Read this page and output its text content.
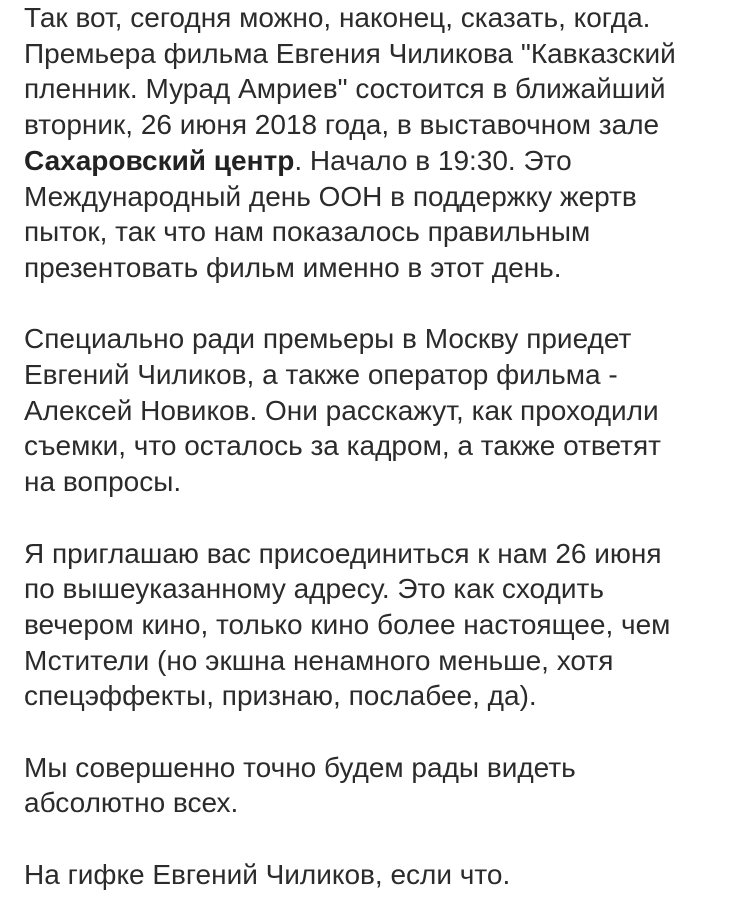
Так вот, сегодня можно, наконец, сказать, когда.
Премьера фильма Евгения Чиликова "Кавказский
пленник. Мурад Амриев" состоится в ближайший
вторник, 26 июня 2018 года, в выставочном зале
Сахаровский центр. Начало в 19:30. Это
Международный день ООН в поддержку жертв
пыток, так что нам показалось правильным
презентовать фильм именно в этот день.
Специально ради премьеры в Москву приедет
Евгений Чиликов, а также оператор фильма -
Алексей Новиков. Они расскажут, как проходили
съемки, что осталось за кадром, а также ответят
на вопросы.
Я приглашаю вас присоединиться к нам 26 июня
по вышеуказанному адресу. Это как сходить
вечером кино, только кино более настоящее, чем
Мстители (но экшна ненамного меньше, хотя
спецэффекты, признаю, послабее, да).
Мы совершенно точно будем рады видеть
абсолютно всех.
На гифке Евгений Чиликов, если что.
